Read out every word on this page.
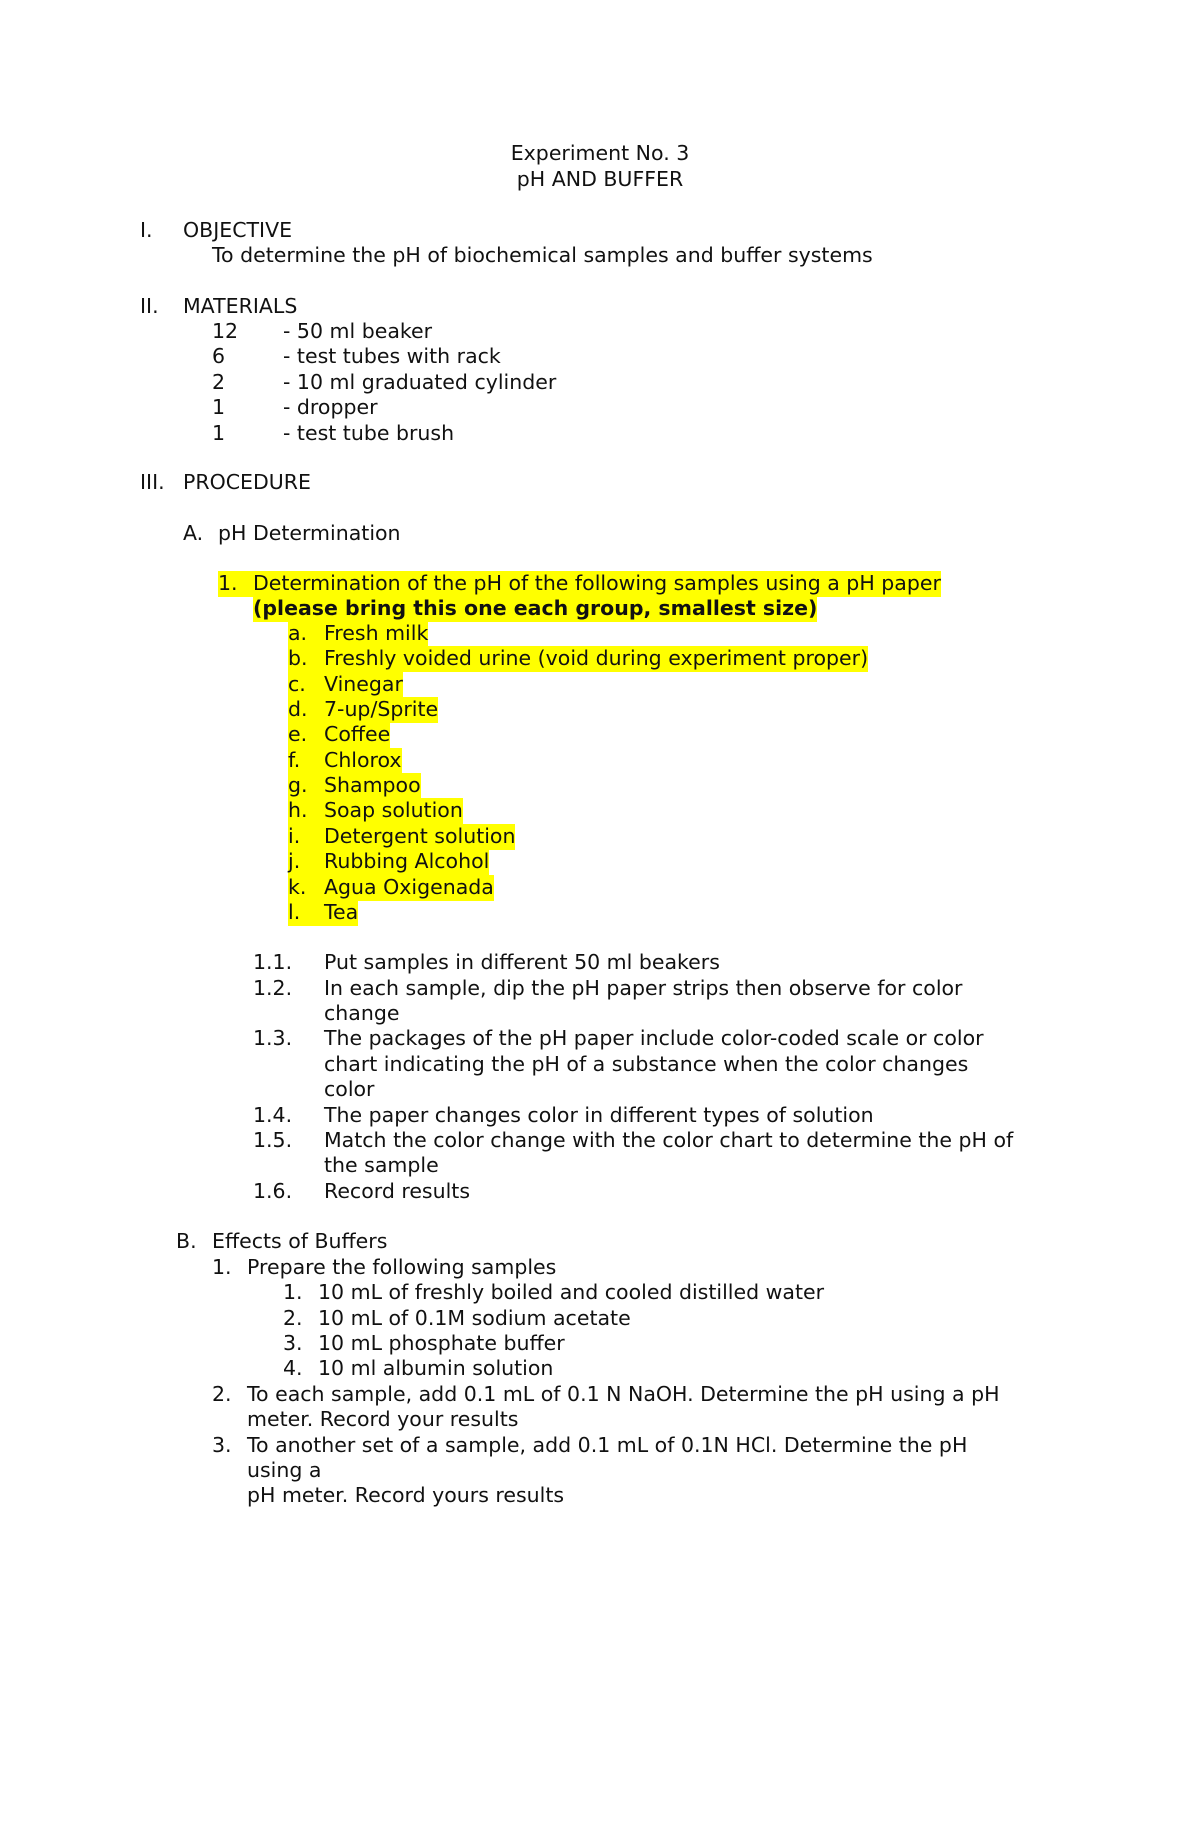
Experiment No. 3
pH AND BUFFER
I. OBJECTIVE
To determine the pH of biochemical samples and buffer systems
II. MATERIALS
12 - 50 ml beaker
6	- test tubes with rack
2	- 10 ml graduated cylinder
1	- dropper
1	- test tube brush
III. PROCEDURE
A. pH Determination
1. Determination of the pH of the following samples using a pH paper
(please bring this one each group, smallest size)
a. Fresh milk
b. Freshly voided urine (void during experiment proper)
c. Vinegar
d. 7-up/Sprite
e. Coffee
f.	Chlorox
g. Shampoo
h. Soap solution
i.	Detergent solution
j.	Rubbing Alcohol
k. Agua Oxigenada
l.	Tea
1.1. Put samples in different 50 ml beakers
1.2. In each sample, dip the pH paper strips then observe for color
change
1.3. The packages of the pH paper include color-coded scale or color
chart indicating the pH of a substance when the color changes
color
1.4. The paper changes color in different types of solution
1.5. Match the color change with the color chart to determine the pH of
the sample
1.6. Record results
B. Effects of Buffers
1. Prepare the following samples
1. 10 mL of freshly boiled and cooled distilled water
2. 10 mL of 0.1M sodium acetate
3. 10 mL phosphate buffer
4. 10 ml albumin solution
2. To each sample, add 0.1 mL of 0.1 N NaOH. Determine the pH using a pH
meter. Record your results
3. To another set of a sample, add 0.1 mL of 0.1N HCl. Determine the pH
using a
pH meter. Record yours results
